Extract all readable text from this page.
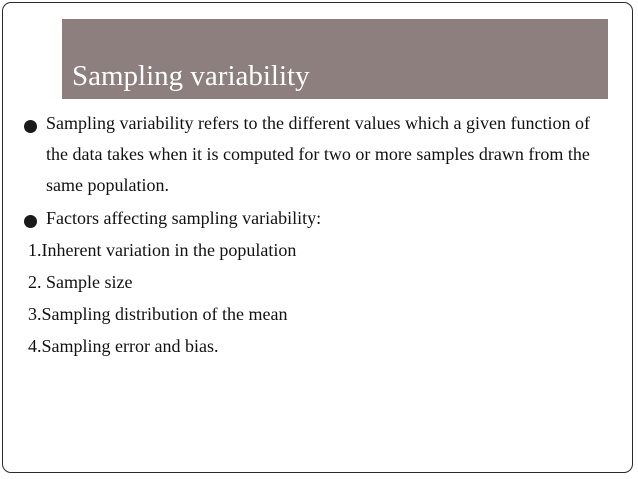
Sampling variability
Sampling variability refers to the different values which a given function of the data takes when it is computed for two or more samples drawn from the same population.
Factors affecting sampling variability:
1.Inherent variation in the population
2. Sample size
3.Sampling distribution of the mean
4.Sampling error and bias.
